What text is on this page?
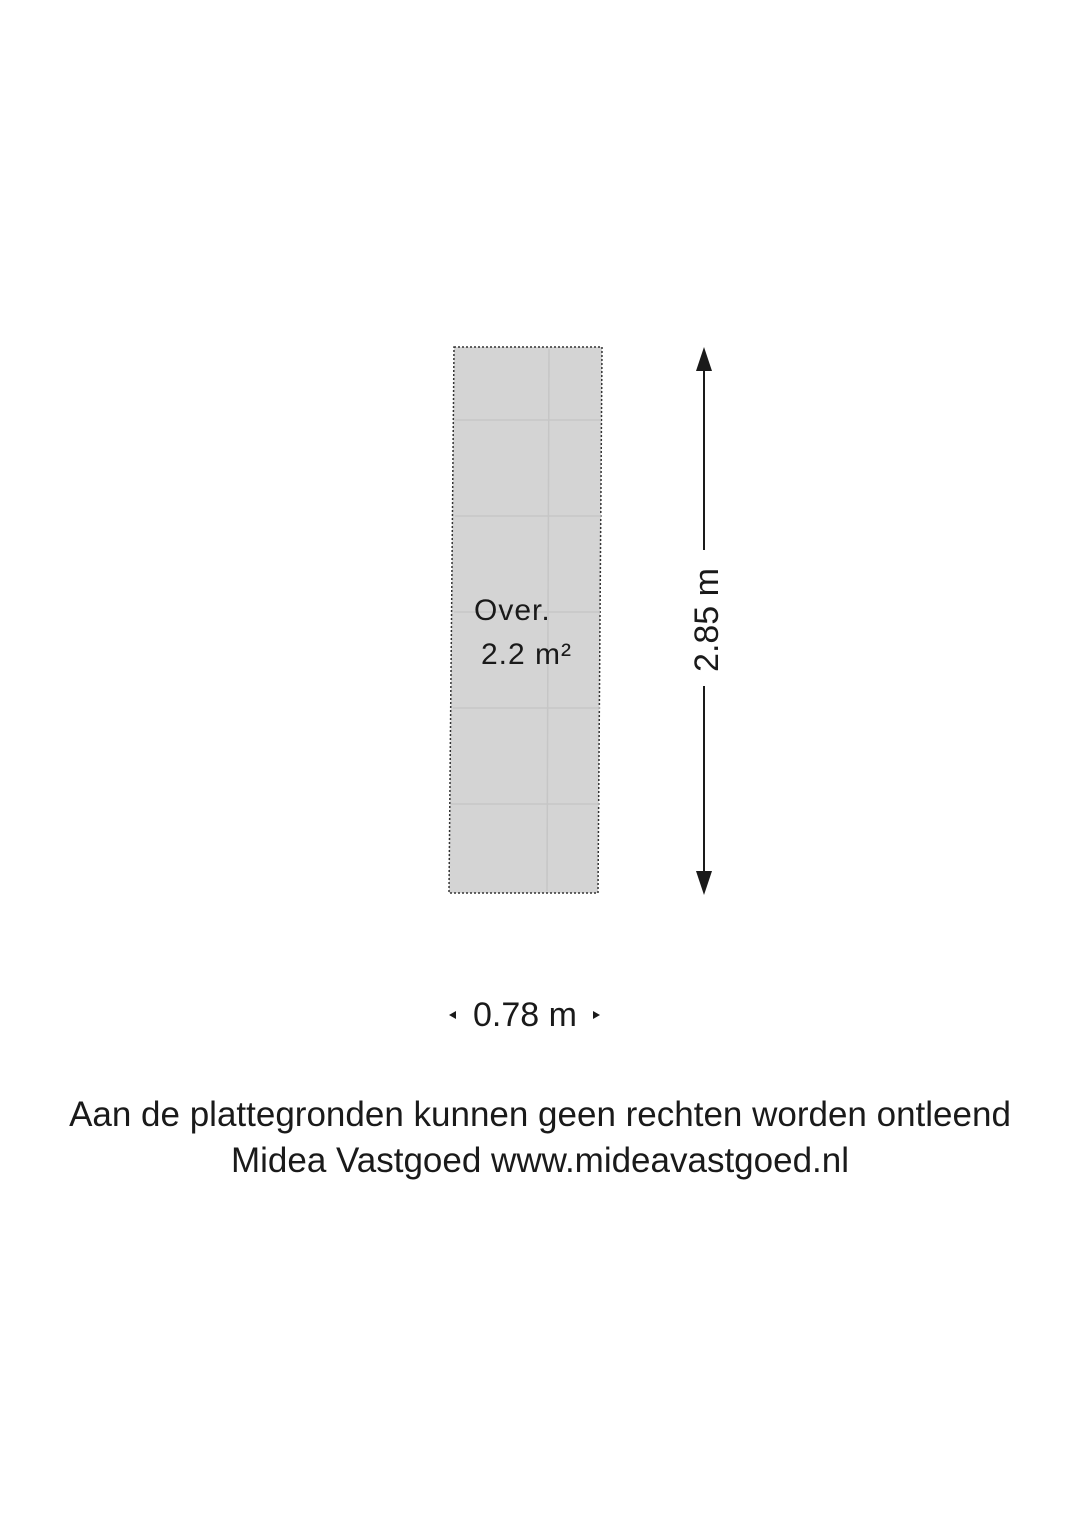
Over.
2.2 m²	2.85 m
0.78 m
Aan de plattegronden kunnen geen rechten worden ontleend
Midea Vastgoed www.mideavastgoed.nl
